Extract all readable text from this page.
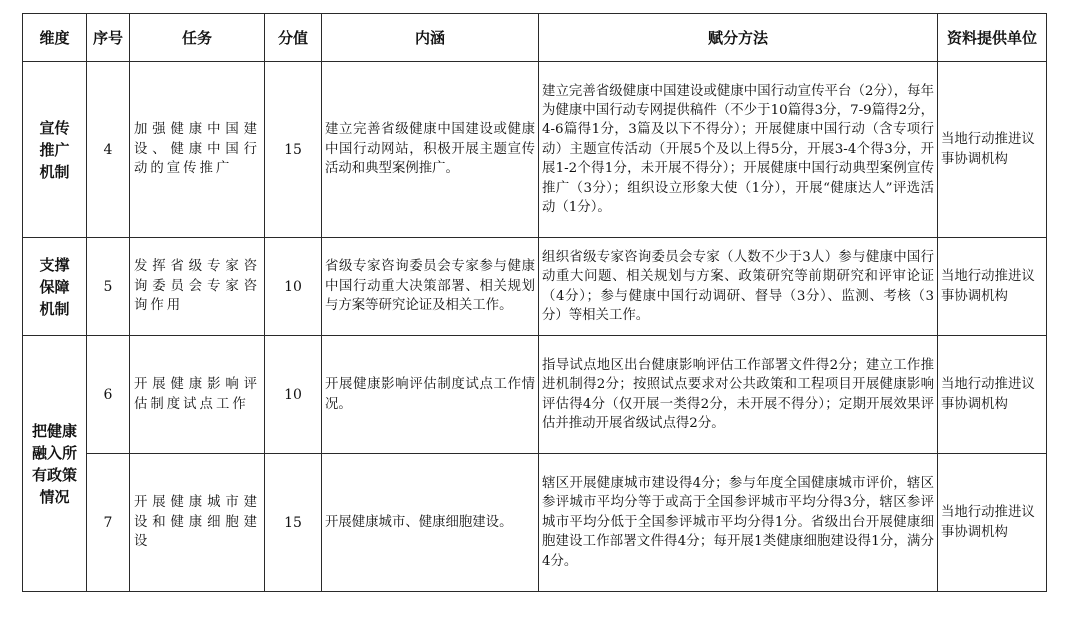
维度	序号	任务	分值	内涵	赋分方法	资料提供单位
宣传推广机制	4	加强健康中国建设、健康中国行动的宣传推广	15	建立完善省级健康中国建设或健康中国行动网站，积极开展主题宣传活动和典型案例推广。	建立完善省级健康中国建设或健康中国行动宣传平台（2分），每年为健康中国行动专网提供稿件（不少于10篇得3分，7-9篇得2分，4-6篇得1分，3篇及以下不得分）；开展健康中国行动（含专项行动）主题宣传活动（开展5个及以上得5分，开展3-4个得3分，开展1-2个得1分，未开展不得分）；开展健康中国行动典型案例宣传推广（3分）；组织设立形象大使（1分），开展“健康达人”评选活动（1分）。	当地行动推进议事协调机构
支撑保障机制	5	发挥省级专家咨询委员会专家咨询作用	10	省级专家咨询委员会专家参与健康中国行动重大决策部署、相关规划与方案等研究论证及相关工作。	组织省级专家咨询委员会专家（人数不少于3人）参与健康中国行动重大问题、相关规划与方案、政策研究等前期研究和评审论证（4分）；参与健康中国行动调研、督导（3分）、监测、考核（3分）等相关工作。	当地行动推进议事协调机构
把健康融入所有政策情况	6	开展健康影响评估制度试点工作	10	开展健康影响评估制度试点工作情况。	指导试点地区出台健康影响评估工作部署文件得2分；建立工作推进机制得2分；按照试点要求对公共政策和工程项目开展健康影响评估得4分（仅开展一类得2分，未开展不得分）；定期开展效果评估并推动开展省级试点得2分。	当地行动推进议事协调机构
	7	开展健康城市建设和健康细胞建设	15	开展健康城市、健康细胞建设。	辖区开展健康城市建设得4分；参与年度全国健康城市评价，辖区参评城市平均分等于或高于全国参评城市平均分得3分，辖区参评城市平均分低于全国参评城市平均分得1分。省级出台开展健康细胞建设工作部署文件得4分；每开展1类健康细胞建设得1分，满分4分。	当地行动推进议事协调机构
